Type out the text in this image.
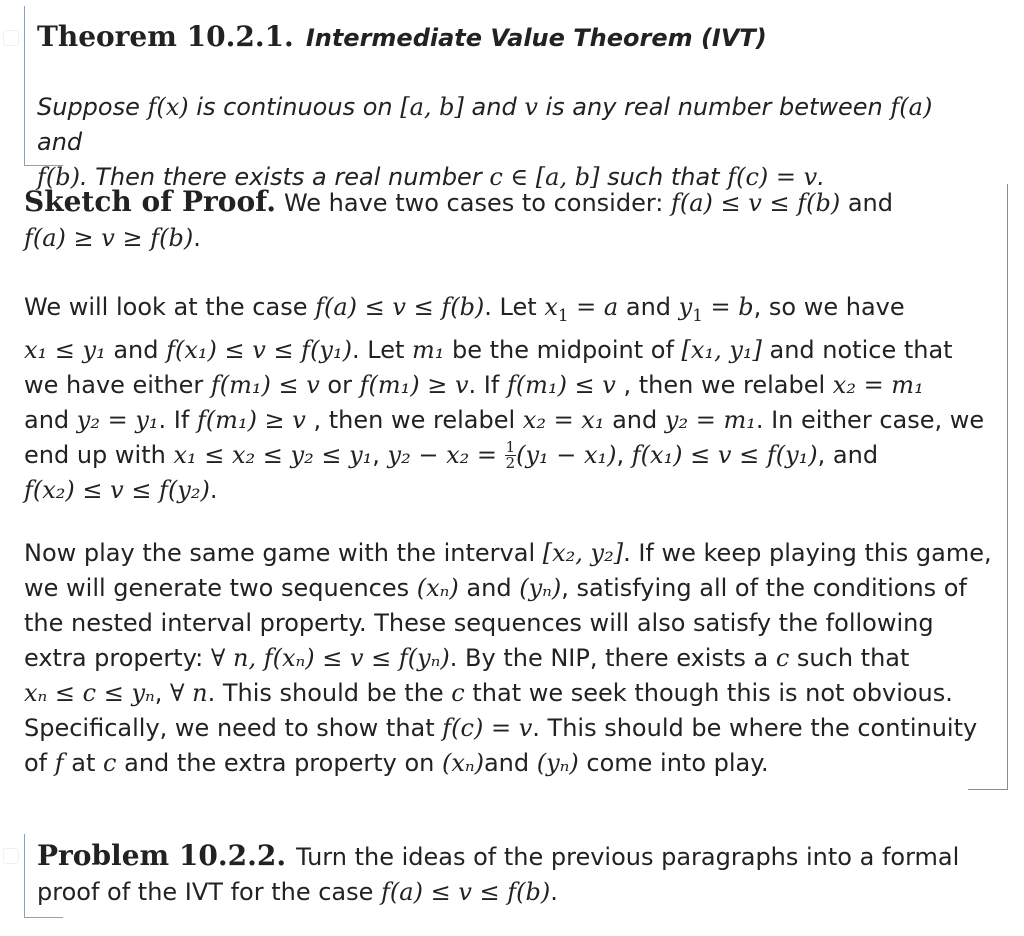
Theorem 10.2.1. Intermediate Value Theorem (IVT)
Suppose f(x) is continuous on [a, b] and v is any real number between f(a) and
f(b). Then there exists a real number c ∈ [a, b] such that f(c) = v.

Sketch of Proof. We have two cases to consider: f(a) ≤ v ≤ f(b) and
f(a) ≥ v ≥ f(b).

We will look at the case f(a) ≤ v ≤ f(b). Let $x_1 = a$ and $y_1 = b$, so we have
x₁ ≤ y₁ and f(x₁) ≤ v ≤ f(y₁). Let m₁ be the midpoint of [x₁, y₁] and notice that
we have either f(m₁) ≤ v or f(m₁) ≥ v. If f(m₁) ≤ v , then we relabel x₂ = m₁
and y₂ = y₁. If f(m₁) ≥ v , then we relabel x₂ = x₁ and y₂ = m₁. In either case, we
end up with x₁ ≤ x₂ ≤ y₂ ≤ y₁, $y_2 - x_2 = \frac{1}{2} (y_1 - x_1)$, f(x₁) ≤ v ≤ f(y₁), and
f(x₂) ≤ v ≤ f(y₂).

Now play the same game with the interval [x₂, y₂]. If we keep playing this game,
we will generate two sequences (xₙ) and (yₙ), satisfying all of the conditions of
the nested interval property. These sequences will also satisfy the following
extra property: ∀ n, f(xₙ) ≤ v ≤ f(yₙ). By the NIP, there exists a c such that
xₙ ≤ c ≤ yₙ, ∀ n. This should be the c that we seek though this is not obvious.
Specifically, we need to show that f(c) = v. This should be where the continuity
of f at c and the extra property on (xₙ)and (yₙ) come into play.

Problem 10.2.2. Turn the ideas of the previous paragraphs into a formal proof of the IVT for the case f(a) ≤ v ≤ f(b).
